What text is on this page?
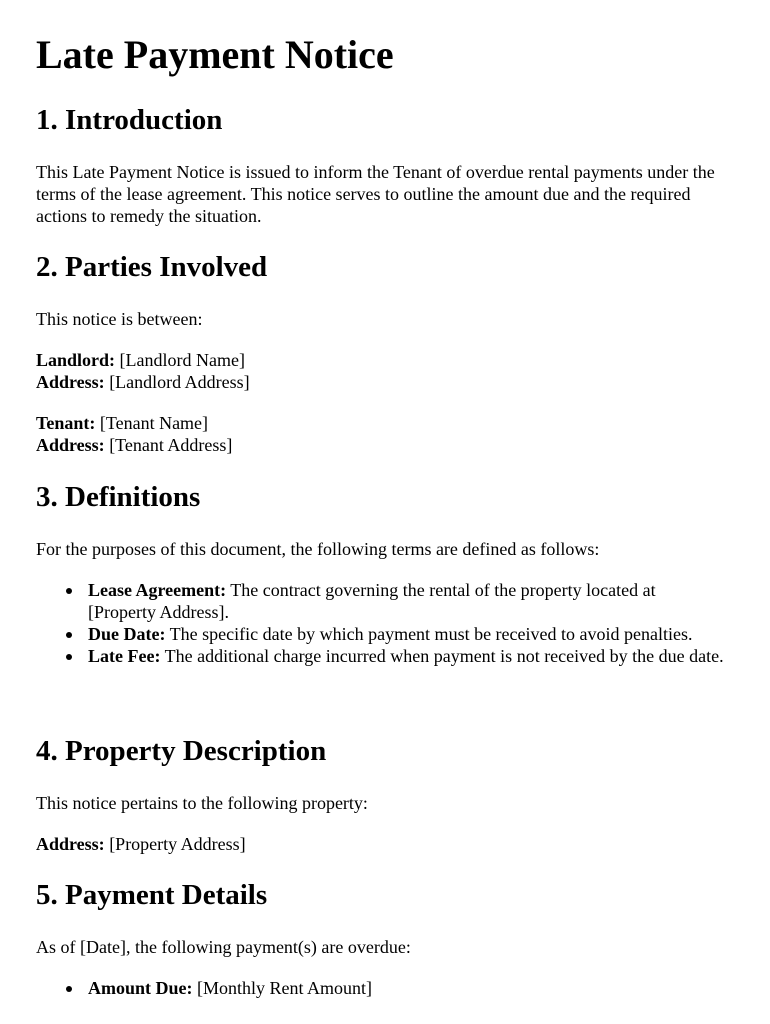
Late Payment Notice
1. Introduction

This Late Payment Notice is issued to inform the Tenant of overdue rental payments under the terms of the lease agreement. This notice serves to outline the amount due and the required actions to remedy the situation.

2. Parties Involved

This notice is between:

Landlord: [Landlord Name]
Address: [Landlord Address]

Tenant: [Tenant Name]
Address: [Tenant Address]

3. Definitions

For the purposes of this document, the following terms are defined as follows:

Lease Agreement: The contract governing the rental of the property located at [Property Address].
Due Date: The specific date by which payment must be received to avoid penalties.
Late Fee: The additional charge incurred when payment is not received by the due date.
4. Property Description

This notice pertains to the following property:

Address: [Property Address]

5. Payment Details

As of [Date], the following payment(s) are overdue:

Amount Due: [Monthly Rent Amount]
